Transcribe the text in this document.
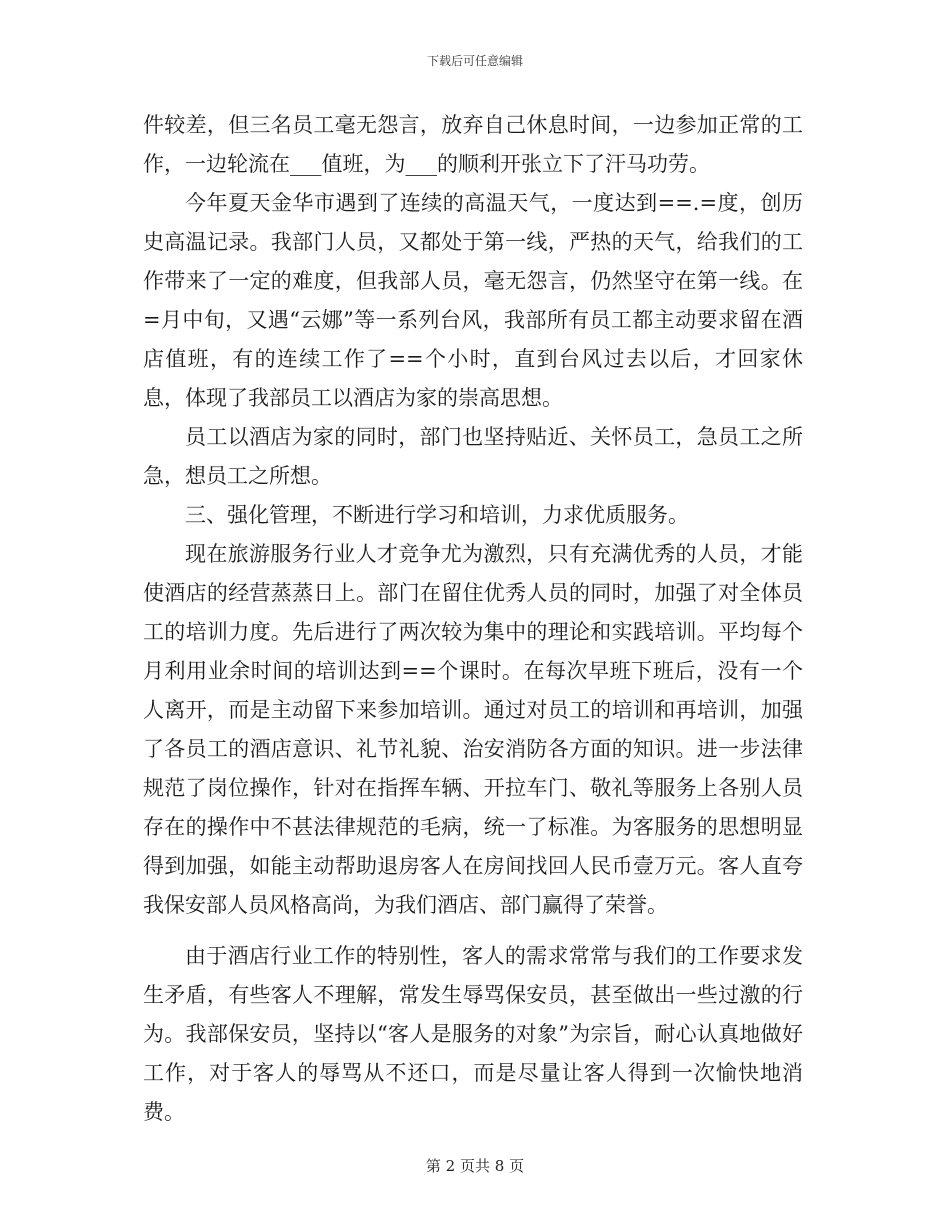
下载后可任意编辑

件较差，但三名员工毫无怨言，放弃自己休息时间，一边参加正常的工作，一边轮流在___值班，为___的顺利开张立下了汗马功劳。

今年夏天金华市遇到了连续的高温天气，一度达到==.=度，创历史高温记录。我部门人员，又都处于第一线，严热的天气，给我们的工作带来了一定的难度，但我部人员，毫无怨言，仍然坚守在第一线。在=月中旬，又遇“云娜”等一系列台风，我部所有员工都主动要求留在酒店值班，有的连续工作了==个小时，直到台风过去以后，才回家休息，体现了我部员工以酒店为家的崇高思想。

员工以酒店为家的同时，部门也坚持贴近、关怀员工，急员工之所急，想员工之所想。

三、强化管理，不断进行学习和培训，力求优质服务。

现在旅游服务行业人才竞争尤为激烈，只有充满优秀的人员，才能使酒店的经营蒸蒸日上。部门在留住优秀人员的同时，加强了对全体员工的培训力度。先后进行了两次较为集中的理论和实践培训。平均每个月利用业余时间的培训达到==个课时。在每次早班下班后，没有一个人离开，而是主动留下来参加培训。通过对员工的培训和再培训，加强了各员工的酒店意识、礼节礼貌、治安消防各方面的知识。进一步法律规范了岗位操作，针对在指挥车辆、开拉车门、敬礼等服务上各别人员存在的操作中不甚法律规范的毛病，统一了标准。为客服务的思想明显得到加强，如能主动帮助退房客人在房间找回人民币壹万元。客人直夸我保安部人员风格高尚，为我们酒店、部门赢得了荣誉。

由于酒店行业工作的特别性，客人的需求常常与我们的工作要求发生矛盾，有些客人不理解，常发生辱骂保安员，甚至做出一些过激的行为。我部保安员，坚持以“客人是服务的对象”为宗旨，耐心认真地做好工作，对于客人的辱骂从不还口，而是尽量让客人得到一次愉快地消费。

第 2 页共 8 页
